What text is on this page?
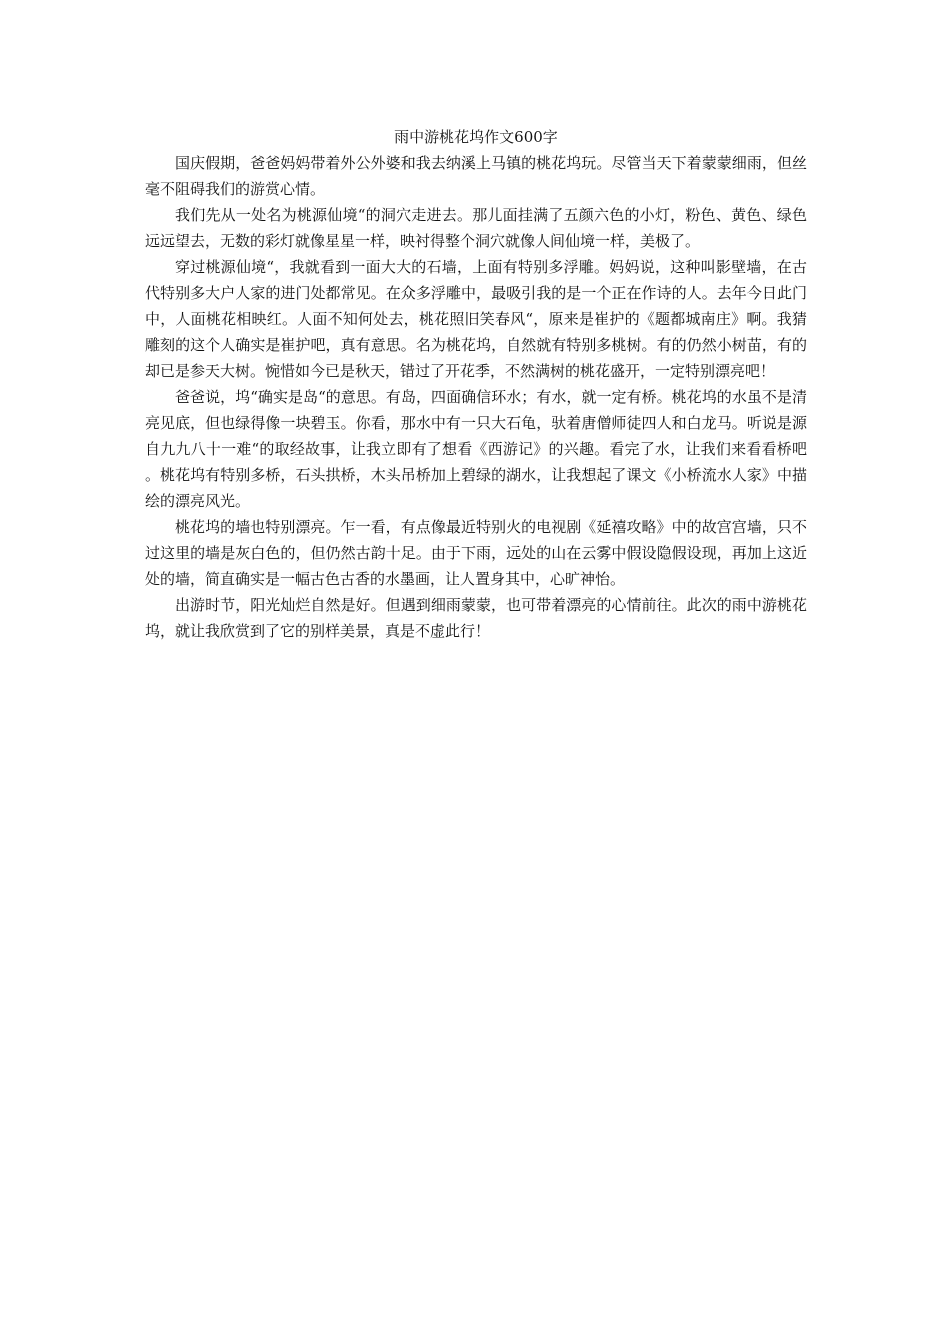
雨中游桃花坞作文600字

国庆假期，爸爸妈妈带着外公外婆和我去纳溪上马镇的桃花坞玩。尽管当天下着蒙蒙细雨，但丝毫不阻碍我们的游赏心情。

我们先从一处名为桃源仙境“的洞穴走进去。那儿面挂满了五颜六色的小灯，粉色、黄色、绿色远远望去，无数的彩灯就像星星一样，映衬得整个洞穴就像人间仙境一样，美极了。

穿过桃源仙境“，我就看到一面大大的石墙，上面有特别多浮雕。妈妈说，这种叫影壁墙，在古代特别多大户人家的进门处都常见。在众多浮雕中，最吸引我的是一个正在作诗的人。去年今日此门中，人面桃花相映红。人面不知何处去，桃花照旧笑春风“，原来是崔护的《题都城南庄》啊。我猜雕刻的这个人确实是崔护吧，真有意思。名为桃花坞，自然就有特别多桃树。有的仍然小树苗，有的却已是参天大树。惋惜如今已是秋天，错过了开花季，不然满树的桃花盛开，一定特别漂亮吧！

爸爸说，坞“确实是岛“的意思。有岛，四面确信环水；有水，就一定有桥。桃花坞的水虽不是清亮见底，但也绿得像一块碧玉。你看，那水中有一只大石龟，驮着唐僧师徒四人和白龙马。听说是源自九九八十一难“的取经故事，让我立即有了想看《西游记》的兴趣。看完了水，让我们来看看桥吧。桃花坞有特别多桥，石头拱桥，木头吊桥加上碧绿的湖水，让我想起了课文《小桥流水人家》中描绘的漂亮风光。

桃花坞的墙也特别漂亮。乍一看，有点像最近特别火的电视剧《延禧攻略》中的故宫宫墙，只不过这里的墙是灰白色的，但仍然古韵十足。由于下雨，远处的山在云雾中假设隐假设现，再加上这近处的墙，简直确实是一幅古色古香的水墨画，让人置身其中，心旷神怡。

出游时节，阳光灿烂自然是好。但遇到细雨蒙蒙，也可带着漂亮的心情前往。此次的雨中游桃花坞，就让我欣赏到了它的别样美景，真是不虚此行！
